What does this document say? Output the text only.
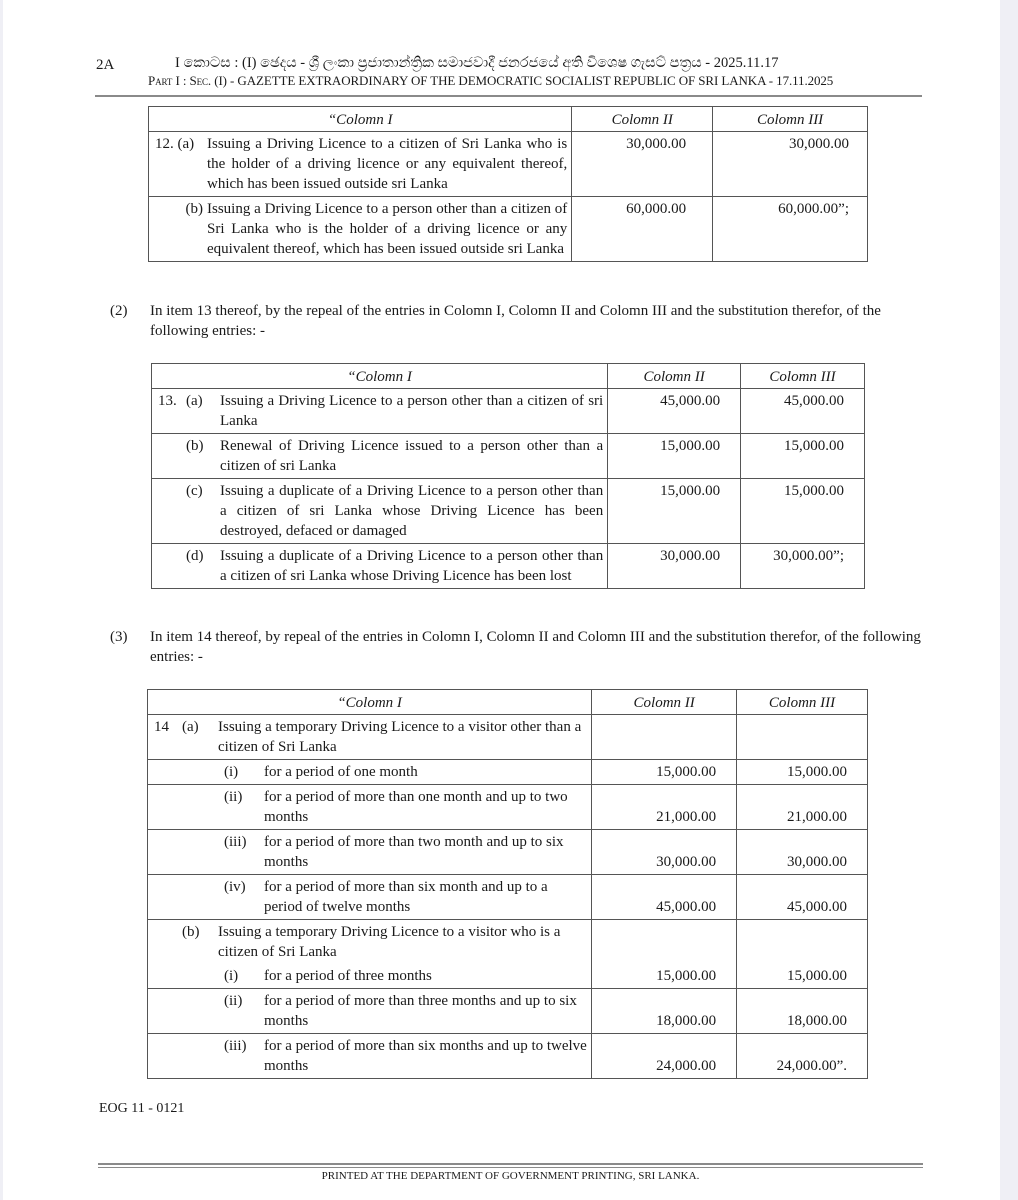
2A	I කොටස : (I) ඡෙදය - ශ්‍රී ලංකා ප්‍රජාතාන්ත්‍රික සමාජවාදී ජනරජයේ අති විශෙෂ ගැසට් පත්‍රය - 2025.11.17
Part I : Sec. (I) - GAZETTE EXTRAORDINARY OF THE DEMOCRATIC SOCIALIST REPUBLIC OF SRI LANKA - 17.11.2025
“Colomn I	Colomn II	Colomn III

12. (a) Issuing a Driving Licence to a citizen of Sri Lanka who is the holder of a driving licence or any equivalent thereof, which has been issued outside sri Lanka	30,000.00	30,000.00

(b) Issuing a Driving Licence to a person other than a citizen of Sri Lanka who is the holder of a driving licence or any equivalent thereof, which has been issued outside sri Lanka	60,000.00	60,000.00”;
(2) In item 13 thereof, by the repeal of the entries in Colomn I, Colomn II and Colomn III and the substitution therefor, of the following entries: -
“Colomn I	Colomn II	Colomn III

13. (a) Issuing a Driving Licence to a person other than a citizen of sri Lanka	45,000.00	45,000.00

(b) Renewal of Driving Licence issued to a person other than a citizen of sri Lanka	15,000.00	15,000.00

(c) Issuing a duplicate of a Driving Licence to a person other than a citizen of sri Lanka whose Driving Licence has been destroyed, defaced or damaged	15,000.00	15,000.00

(d) Issuing a duplicate of a Driving Licence to a person other than a citizen of sri Lanka whose Driving Licence has been lost	30,000.00	30,000.00”;
(3) In item 14 thereof, by repeal of the entries in Colomn I, Colomn II and Colomn III and the substitution therefor, of the following entries: -
“Colomn I	Colomn II	Colomn III

14 (a) Issuing a temporary Driving Licence to a visitor other than a citizen of Sri Lanka		

(i) for a period of one month	15,000.00	15,000.00

(ii) for a period of more than one month and up to two months	21,000.00	21,000.00

(iii) for a period of more than two month and up to six months	30,000.00	30,000.00

(iv) for a period of more than six month and up to a period of twelve months	45,000.00	45,000.00

(b) Issuing a temporary Driving Licence to a visitor who is a citizen of Sri Lanka
(i) for a period of three months	15,000.00	15,000.00

(ii) for a period of more than three months and up to six months	18,000.00	18,000.00

(iii) for a period of more than six months and up to twelve months	24,000.00	24,000.00”.
EOG 11 - 0121
PRINTED AT THE DEPARTMENT OF GOVERNMENT PRINTING, SRI LANKA.
